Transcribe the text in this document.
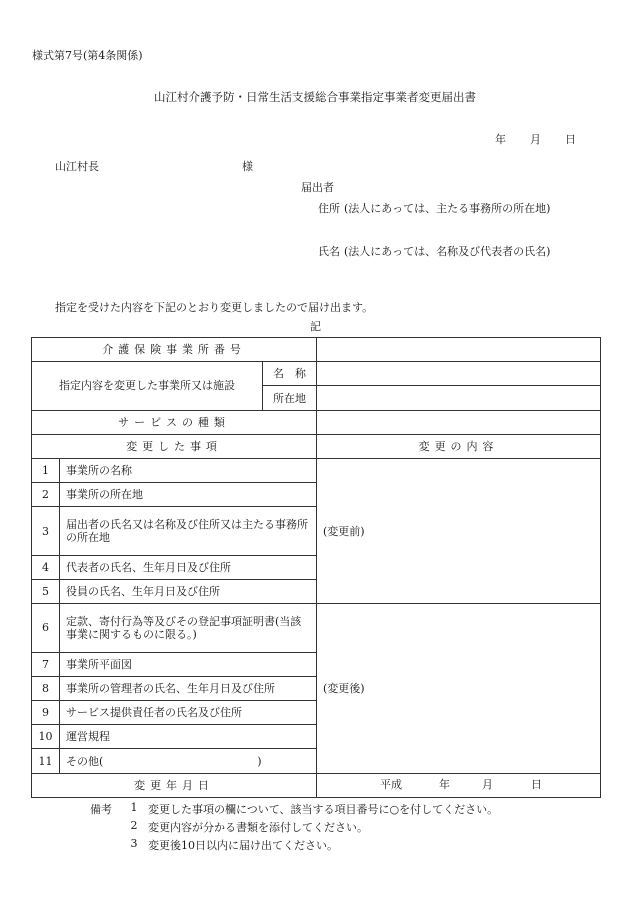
様式第7号(第4条関係)
山江村介護予防・日常生活支援総合事業指定事業者変更届出書
年 月 日
山江村長	様
届出者
住所 (法人にあっては、主たる事務所の所在地)
氏名 (法人にあっては、名称及び代表者の氏名)
指定を受けた内容を下記のとおり変更しましたので届け出ます。
記
介護保険事業所番号			
指定内容を変更した事業所又は施設		名　称	
		所在地	
サービスの種類			
変更した事項			変更の内容
1	事業所の名称		(変更前)
2	事業所の所在地		
3	届出者の氏名又は名称及び住所又は主たる事務所の所在地		
4	代表者の氏名、生年月日及び住所		
5	役員の氏名、生年月日及び住所		
6	定款、寄付行為等及びその登記事項証明書(当該事業に関するものに限る。)		(変更後)
7	事業所平面図		
8	事業所の管理者の氏名、生年月日及び住所		
9	サービス提供責任者の氏名及び住所		
10	運営規程		
11	その他(　　　　　　　　　　　　　　)		
変更年月日			平成 年 月 日
備考	1 変更した事項の欄について、該当する項目番号に○を付してください。
2 変更内容が分かる書類を添付してください。
3 変更後10日以内に届け出てください。
